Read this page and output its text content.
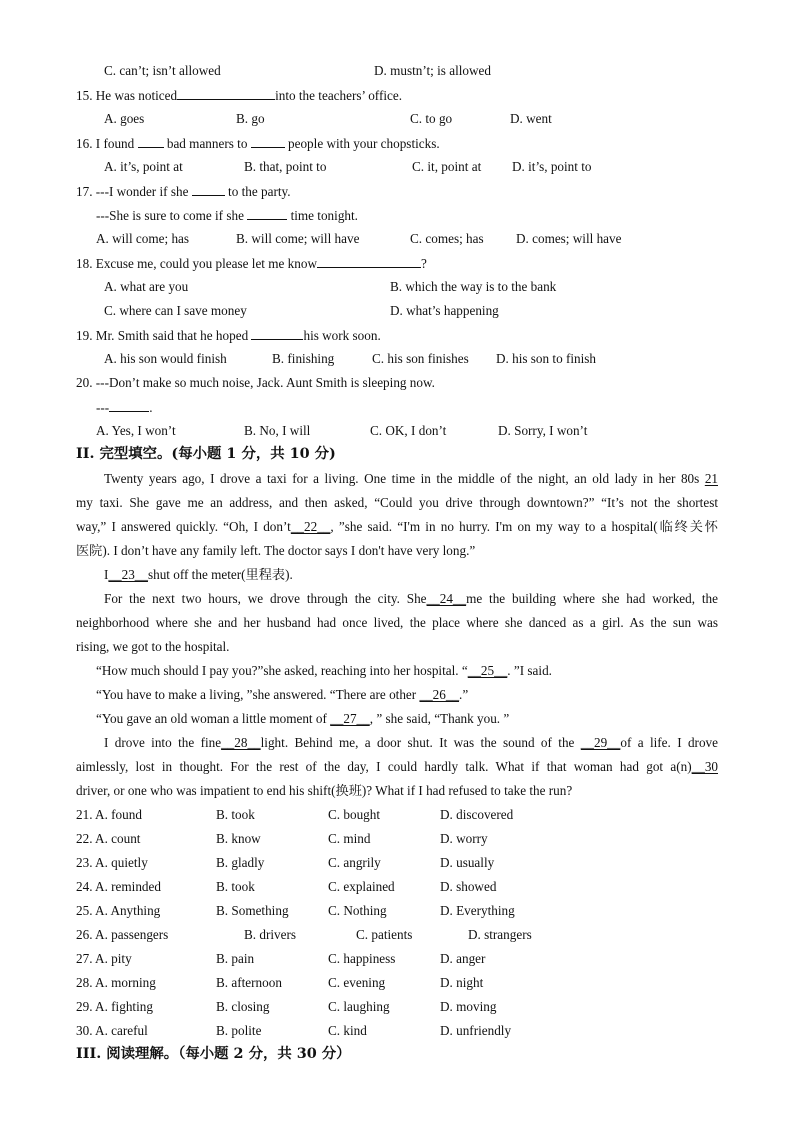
C. can’t; isn’t allowed	D. mustn’t; is allowed
15. He was noticed	into the teachers’ office.
A. goes	B. go	C. to go	D. went
16. I found  bad manners to	people with your chopsticks.
A. it’s, point at	B. that, point to	C. it, point at D. it’s, point to
17. ---I wonder if she	to the party.
---She is sure to come if she	time tonight.
A. will come; has	B. will come; will have	C. comes; has D. comes; will have
18. Excuse me, could you please let me know	?
A. what are you	B. which the way is to the bank
C. where can I save money	D. what’s happening
19. Mr. Smith said that he hoped	his work soon.
A. his son would finish	B. finishing	C. his son finishes D. his son to finish
20. ---Don’t make so much noise, Jack. Aunt Smith is sleeping now.
---	.
A. Yes, I won’t	B. No, I will	C. OK, I don’t	D. Sorry, I won’t
II. 完型填空。(每小题 1 分，共 10 分)
Twenty years ago, I drove a taxi for a living. One time in the middle of the night, an old lady in her 80s 21
my taxi. She gave me an address, and then asked, “Could you drive through downtown?” “It’s not the shortest
way,” I answered quickly. “Oh, I don’t__22__, ”she said. “I'm in no hurry. I'm on my way to a hospital(临终关怀
医院). I don’t have any family left. The doctor says I don't have very long.”
I__23__shut off the meter(里程表).
For the next two hours, we drove through the city. She__24__me the building where she had worked, the
neighborhood where she and her husband had once lived, the place where she danced as a girl. As the sun was
rising, we got to the hospital.
“How much should I pay you?”she asked, reaching into her hospital. “__25__. ”I said.
“You have to make a living, ”she answered. “There are other __26__.”
“You gave an old woman a little moment of __27__, ” she said, “Thank you. ”
I drove into the fine__28__light. Behind me, a door shut. It was the sound of the __29__of a life. I drove
aimlessly, lost in thought. For the rest of the day, I could hardly talk. What if that woman had got a(n)__30
driver, or one who was impatient to end his shift(换班)? What if I had refused to take the run?
21. A. found	B. took	C. bought	D. discovered
22. A. count	B. know	C. mind	D. worry
23. A. quietly	B. gladly	C. angrily	D. usually
24. A. reminded	B. took	C. explained	D. showed
25. A. Anything	B. Something	C. Nothing	D. Everything
26. A. passengers	B. drivers	C. patients	D. strangers
27. A. pity	B. pain	C. happiness	D. anger
28. A. morning	B. afternoon	C. evening	D. night
29. A. fighting	B. closing	C. laughing	D. moving
30. A. careful	B. polite	C. kind	D. unfriendly
III. 阅读理解。（每小题 2 分，共 30 分）
